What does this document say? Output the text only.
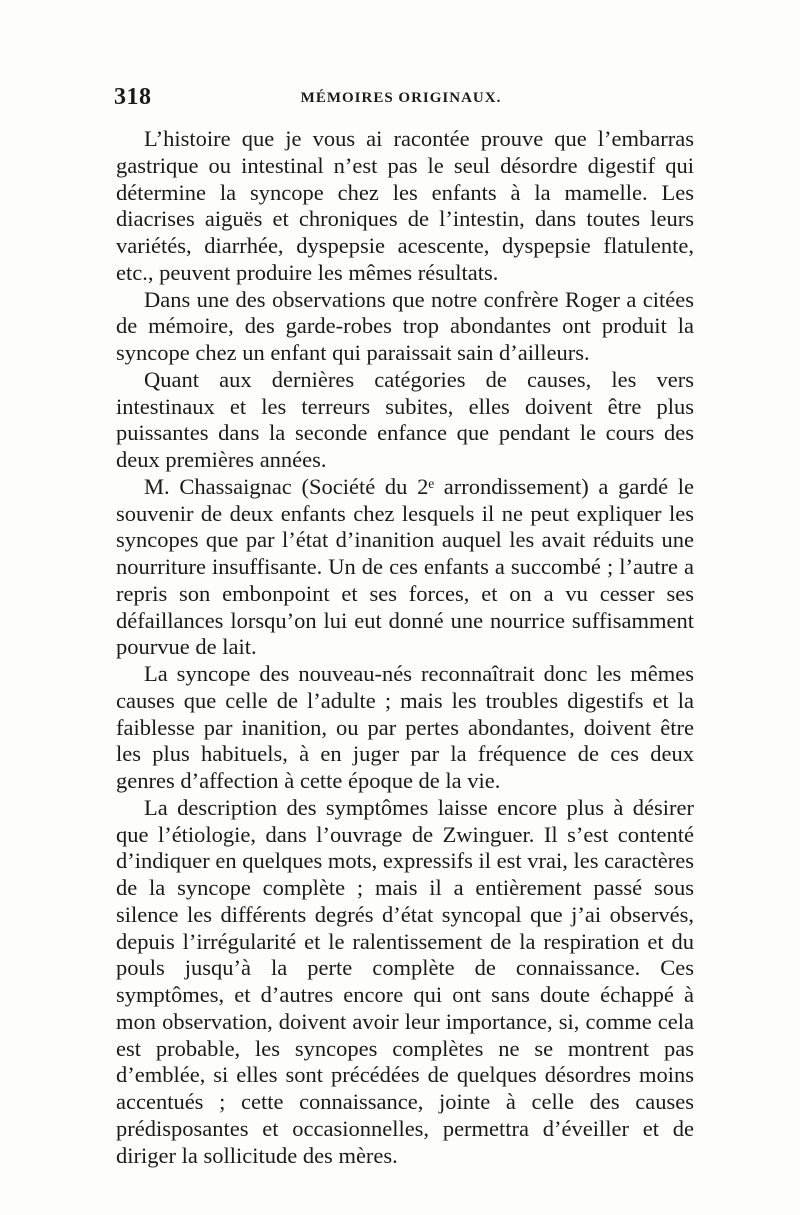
318	MÉMOIRES ORIGINAUX.

L’histoire que je vous ai racontée prouve que l’embarras gastrique ou intestinal n’est pas le seul désordre digestif qui détermine la syncope chez les enfants à la mamelle. Les diacrises aiguës et chroniques de l’intestin, dans toutes leurs variétés, diarrhée, dyspepsie acescente, dyspepsie flatulente, etc., peuvent produire les mêmes résultats.

Dans une des observations que notre confrère Roger a citées de mémoire, des garde-robes trop abondantes ont produit la syncope chez un enfant qui paraissait sain d’ailleurs.

Quant aux dernières catégories de causes, les vers intestinaux et les terreurs subites, elles doivent être plus puissantes dans la seconde enfance que pendant le cours des deux premières années.

M. Chassaignac (Société du 2ᵉ arrondissement) a gardé le souvenir de deux enfants chez lesquels il ne peut expliquer les syncopes que par l’état d’inanition auquel les avait réduits une nourriture insuffisante. Un de ces enfants a succombé ; l’autre a repris son embonpoint et ses forces, et on a vu cesser ses défaillances lorsqu’on lui eut donné une nourrice suffisamment pourvue de lait.

La syncope des nouveau-nés reconnaîtrait donc les mêmes causes que celle de l’adulte ; mais les troubles digestifs et la faiblesse par inanition, ou par pertes abondantes, doivent être les plus habituels, à en juger par la fréquence de ces deux genres d’affection à cette époque de la vie.

La description des symptômes laisse encore plus à désirer que l’étiologie, dans l’ouvrage de Zwinguer. Il s’est contenté d’indiquer en quelques mots, expressifs il est vrai, les caractères de la syncope complète ; mais il a entièrement passé sous silence les différents degrés d’état syncopal que j’ai observés, depuis l’irrégularité et le ralentissement de la respiration et du pouls jusqu’à la perte complète de connaissance. Ces symptômes, et d’autres encore qui ont sans doute échappé à mon observation, doivent avoir leur importance, si, comme cela est probable, les syncopes complètes ne se montrent pas d’emblée, si elles sont précédées de quelques désordres moins accentués ; cette connaissance, jointe à celle des causes prédisposantes et occasionnelles, permettra d’éveiller et de diriger la sollicitude des mères.
